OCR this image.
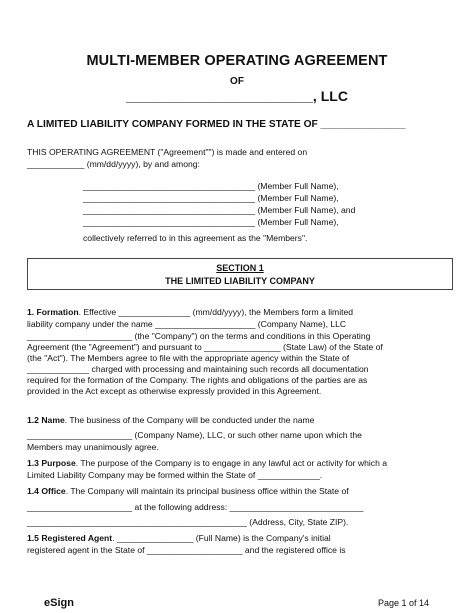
MULTI-MEMBER OPERATING AGREEMENT
OF
________________________, LLC
A LIMITED LIABILITY COMPANY FORMED IN THE STATE OF _______________
THIS OPERATING AGREEMENT ("Agreement"") is made and entered on
____________ (mm/dd/yyyy), by and among:
____________________________________ (Member Full Name),
____________________________________ (Member Full Name),
____________________________________ (Member Full Name), and
____________________________________ (Member Full Name),
collectively referred to in this agreement as the "Members".
SECTION 1
THE LIMITED LIABILITY COMPANY
1. Formation. Effective _______________ (mm/dd/yyyy), the Members form a limited
liability company under the name _____________________ (Company Name), LLC
______________________ (the "Company") on the terms and conditions in this Operating
Agreement (the "Agreement") and pursuant to ________________ (State Law) of the State of
(the "Act"). The Members agree to file with the appropriate agency within the State of
_____________ charged with processing and maintaining such records all documentation
required for the formation of the Company. The rights and obligations of the parties are as
provided in the Act except as otherwise expressly provided in this Agreement.
1.2 Name. The business of the Company will be conducted under the name
______________________ (Company Name), LLC, or such other name upon which the
Members may unanimously agree.
1.3 Purpose. The purpose of the Company is to engage in any lawful act or activity for which a
Limited Liability Company may be formed within the State of _____________.
1.4 Office. The Company will maintain its principal business office within the State of
______________________ at the following address: ____________________________
______________________________________________ (Address, City, State ZIP).
1.5 Registered Agent. ________________ (Full Name) is the Company's initial
registered agent in the State of ____________________ and the registered office is
eSign	Page 1 of 14
